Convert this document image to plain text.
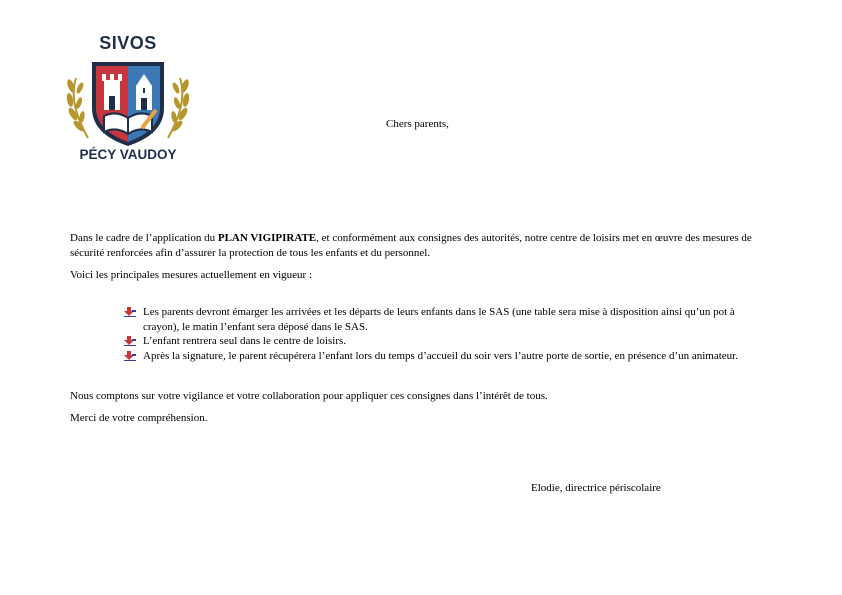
SIVOS
PÉCY VAUDOY
Chers parents,
Dans le cadre de l’application du PLAN VIGIPIRATE, et conformément aux consignes des autorités, notre centre de loisirs met en œuvre des mesures de sécurité renforcées afin d’assurer la protection de tous les enfants et du personnel.
Voici les principales mesures actuellement en vigueur :
Les parents devront émarger les arrivées et les départs de leurs enfants dans le SAS (une table sera mise à disposition ainsi qu’un pot à crayon), le matin l’enfant sera déposé dans le SAS.
L’enfant rentrera seul dans le centre de loisirs.
Après la signature, le parent récupérera l’enfant lors du temps d’accueil du soir vers l’autre porte de sortie, en présence d’un animateur.
Nous comptons sur votre vigilance et votre collaboration pour appliquer ces consignes dans l’intérêt de tous.
Merci de votre compréhension.
Elodie, directrice périscolaire
